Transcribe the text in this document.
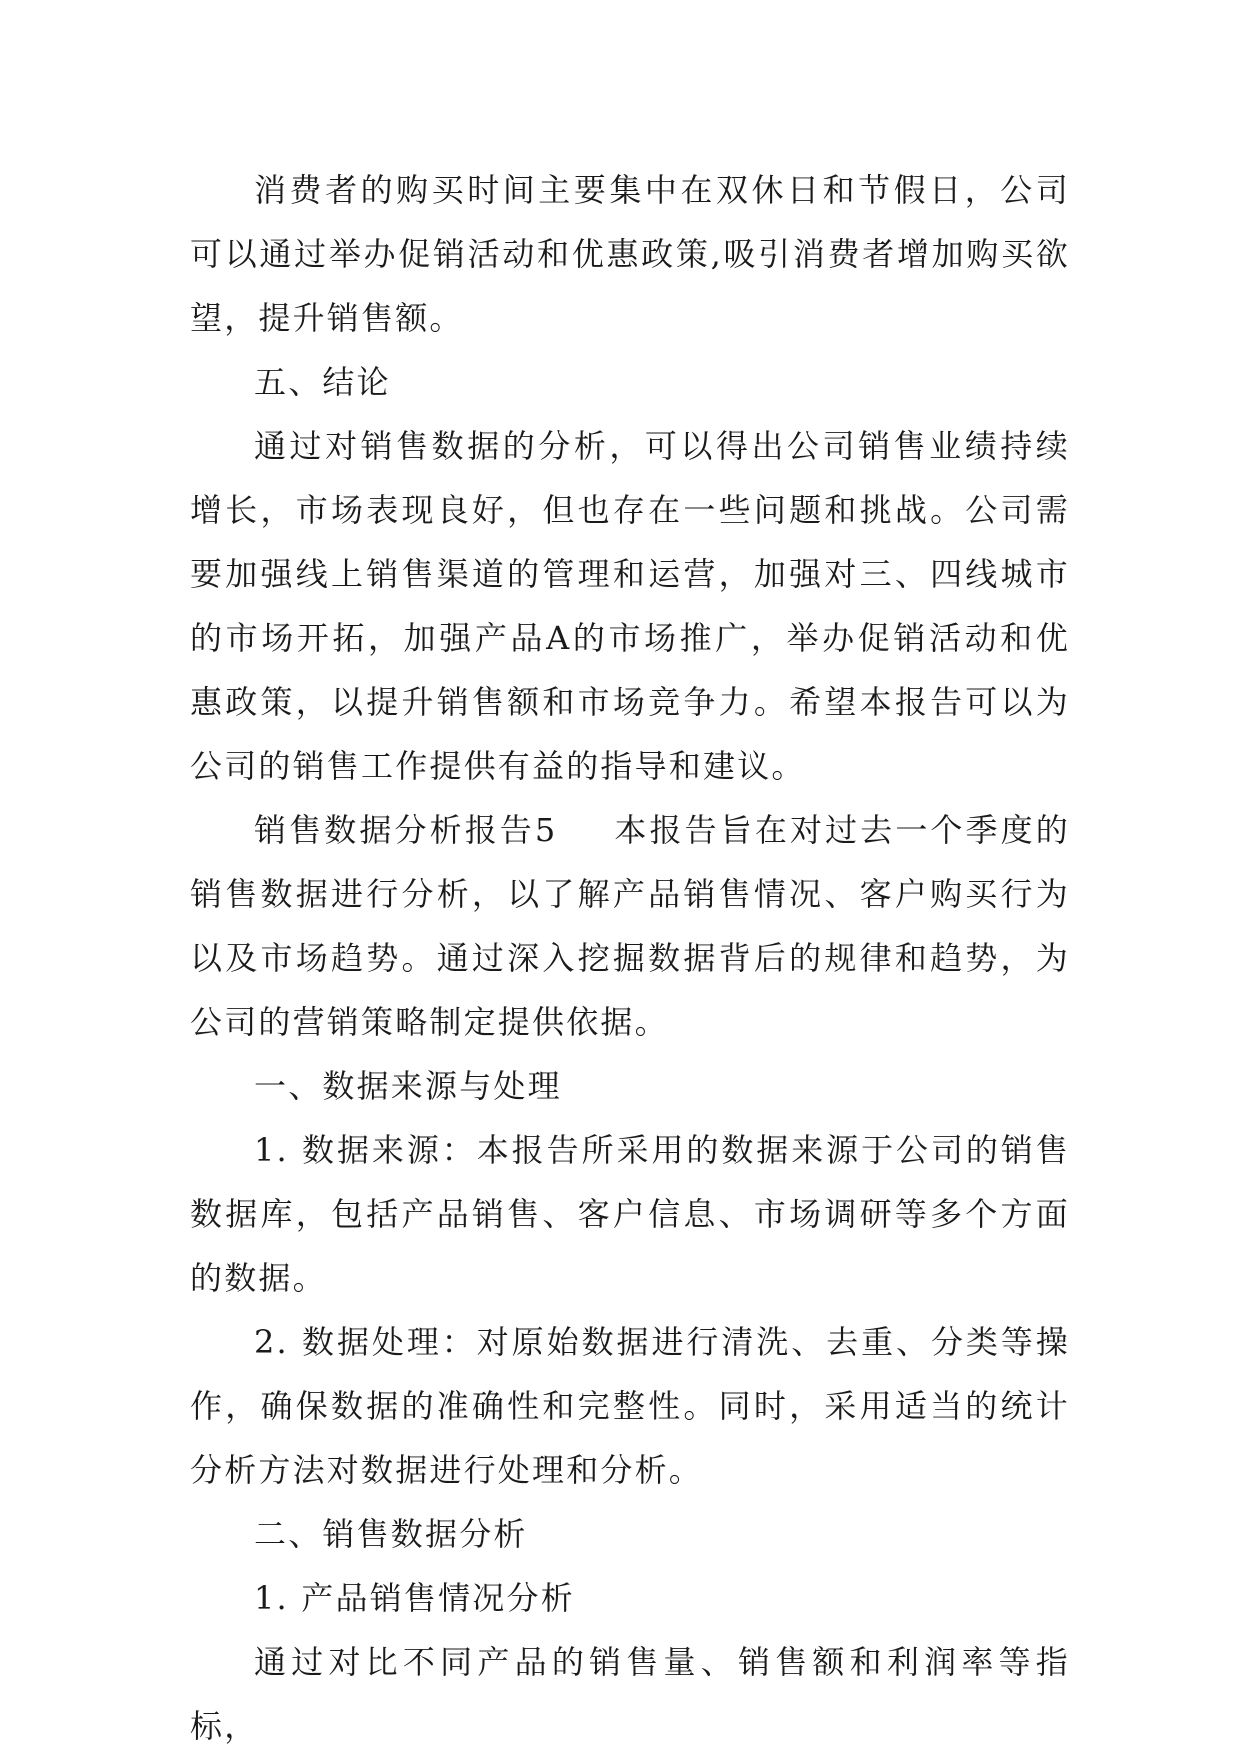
消费者的购买时间主要集中在双休日和节假日，公司可以通过举办促销活动和优惠政策,吸引消费者增加购买欲望，提升销售额。

五、结论

通过对销售数据的分析，可以得出公司销售业绩持续增长，市场表现良好，但也存在一些问题和挑战。公司需要加强线上销售渠道的管理和运营，加强对三、四线城市的市场开拓，加强产品A的市场推广，举办促销活动和优惠政策，以提升销售额和市场竞争力。希望本报告可以为公司的销售工作提供有益的指导和建议。

销售数据分析报告5 本报告旨在对过去一个季度的销售数据进行分析，以了解产品销售情况、客户购买行为以及市场趋势。通过深入挖掘数据背后的规律和趋势，为公司的营销策略制定提供依据。

一、数据来源与处理

1. 数据来源：本报告所采用的数据来源于公司的销售数据库，包括产品销售、客户信息、市场调研等多个方面的数据。

2. 数据处理：对原始数据进行清洗、去重、分类等操作，确保数据的准确性和完整性。同时，采用适当的统计分析方法对数据进行处理和分析。

二、销售数据分析

1. 产品销售情况分析

通过对比不同产品的销售量、销售额和利润率等指标，
